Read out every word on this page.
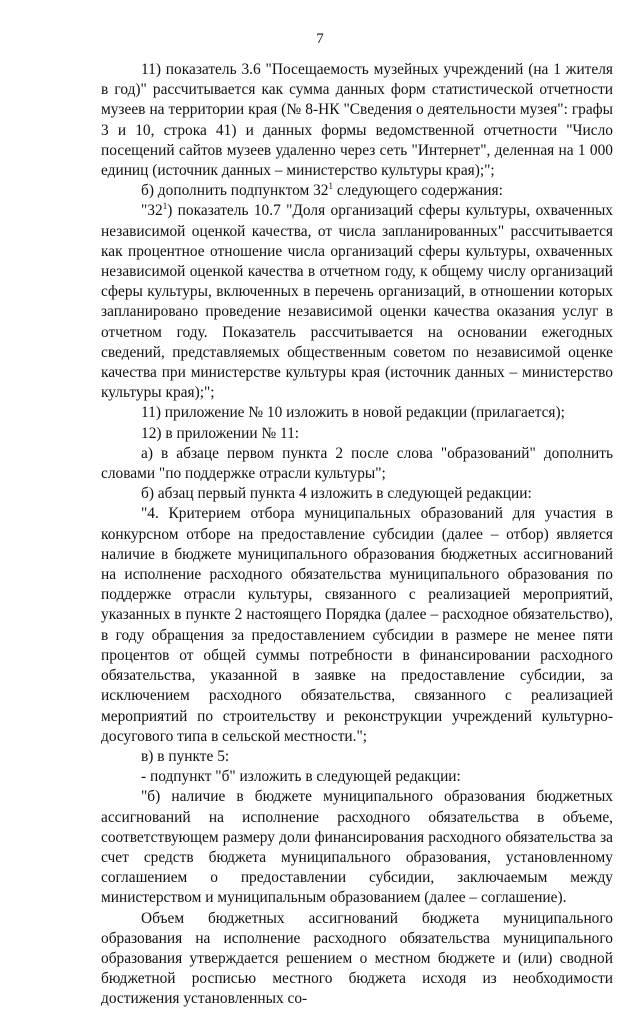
7

11) показатель 3.6 "Посещаемость музейных учреждений (на 1 жителя в год)" рассчитывается как сумма данных форм статистической отчетности музеев на территории края (№ 8-НК "Сведения о деятельности музея": графы 3 и 10, строка 41) и данных формы ведомственной отчетности "Число посещений сайтов музеев удаленно через сеть "Интернет", деленная на 1 000 единиц (источник данных – министерство культуры края);";

б) дополнить подпунктом $32^1$ следующего содержания:

"$32^1$) показатель 10.7 "Доля организаций сферы культуры, охваченных независимой оценкой качества, от числа запланированных" рассчитывается как процентное отношение числа организаций сферы культуры, охваченных независимой оценкой качества в отчетном году, к общему числу организаций сферы культуры, включенных в перечень организаций, в отношении которых запланировано проведение независимой оценки качества оказания услуг в отчетном году. Показатель рассчитывается на основании ежегодных сведений, представляемых общественным советом по независимой оценке качества при министерстве культуры края (источник данных – министерство культуры края);";

11) приложение № 10 изложить в новой редакции (прилагается);

12) в приложении № 11:

а) в абзаце первом пункта 2 после слова "образований" дополнить словами "по поддержке отрасли культуры";

б) абзац первый пункта 4 изложить в следующей редакции:

"4. Критерием отбора муниципальных образований для участия в конкурсном отборе на предоставление субсидии (далее – отбор) является наличие в бюджете муниципального образования бюджетных ассигнований на исполнение расходного обязательства муниципального образования по поддержке отрасли культуры, связанного с реализацией мероприятий, указанных в пункте 2 настоящего Порядка (далее – расходное обязательство), в году обращения за предоставлением субсидии в размере не менее пяти процентов от общей суммы потребности в финансировании расходного обязательства, указанной в заявке на предоставление субсидии, за исключением расходного обязательства, связанного с реализацией мероприятий по строительству и реконструкции учреждений культурно-досугового типа в сельской местности.";

в) в пункте 5:

- подпункт "б" изложить в следующей редакции:

"б) наличие в бюджете муниципального образования бюджетных ассигнований на исполнение расходного обязательства в объеме, соответствующем размеру доли финансирования расходного обязательства за счет средств бюджета муниципального образования, установленному соглашением о предоставлении субсидии, заключаемым между министерством и муниципальным образованием (далее – соглашение).

Объем бюджетных ассигнований бюджета муниципального образования на исполнение расходного обязательства муниципального образования утверждается решением о местном бюджете и (или) сводной бюджетной росписью местного бюджета исходя из необходимости достижения установленных со-
